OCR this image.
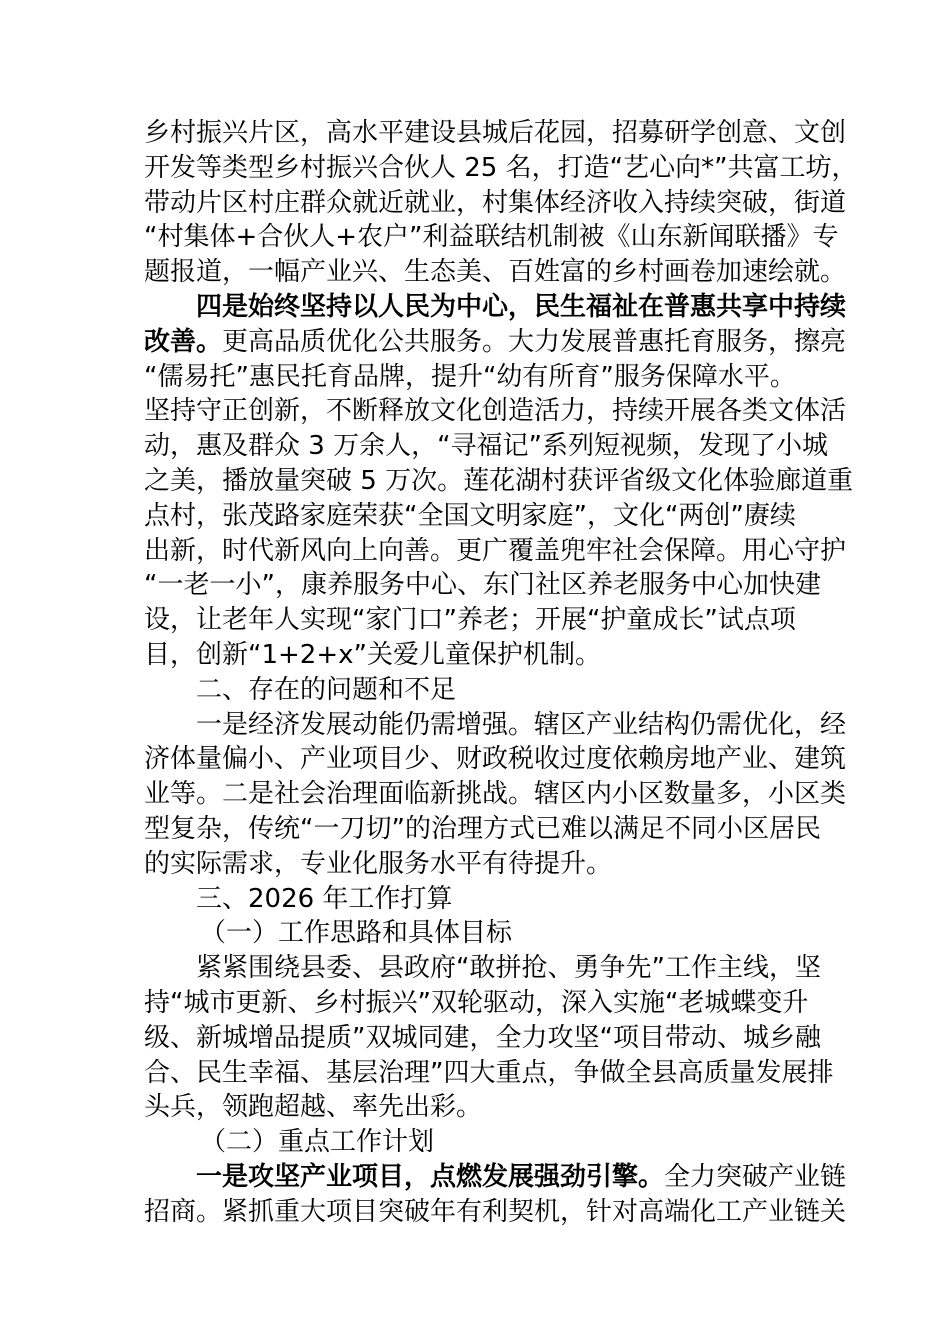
乡村振兴片区，高水平建设县城后花园，招募研学创意、文创
开发等类型乡村振兴合伙人 25 名，打造“艺心向*”共富工坊，
带动片区村庄群众就近就业，村集体经济收入持续突破，街道
“村集体+合伙人+农户”利益联结机制被《山东新闻联播》专
题报道，一幅产业兴、生态美、百姓富的乡村画卷加速绘就。
四是始终坚持以人民为中心，民生福祉在普惠共享中持续
改善。更高品质优化公共服务。大力发展普惠托育服务，擦亮
“儒易托”惠民托育品牌，提升“幼有所育”服务保障水平。
坚持守正创新，不断释放文化创造活力，持续开展各类文体活
动，惠及群众 3 万余人，“寻福记”系列短视频，发现了小城
之美，播放量突破 5 万次。莲花湖村获评省级文化体验廊道重
点村，张茂路家庭荣获“全国文明家庭”，文化“两创”赓续
出新，时代新风向上向善。更广覆盖兜牢社会保障。用心守护
“一老一小”，康养服务中心、东门社区养老服务中心加快建
设，让老年人实现“家门口”养老；开展“护童成长”试点项
目，创新“1+2+x”关爱儿童保护机制。
二、存在的问题和不足
一是经济发展动能仍需增强。辖区产业结构仍需优化，经
济体量偏小、产业项目少、财政税收过度依赖房地产业、建筑
业等。二是社会治理面临新挑战。辖区内小区数量多，小区类
型复杂，传统“一刀切”的治理方式已难以满足不同小区居民
的实际需求，专业化服务水平有待提升。
三、2026 年工作打算
（一）工作思路和具体目标
紧紧围绕县委、县政府“敢拼抢、勇争先”工作主线，坚
持“城市更新、乡村振兴”双轮驱动，深入实施“老城蝶变升
级、新城增品提质”双城同建，全力攻坚“项目带动、城乡融
合、民生幸福、基层治理”四大重点，争做全县高质量发展排
头兵，领跑超越、率先出彩。
（二）重点工作计划
一是攻坚产业项目，点燃发展强劲引擎。全力突破产业链
招商。紧抓重大项目突破年有利契机，针对高端化工产业链关
